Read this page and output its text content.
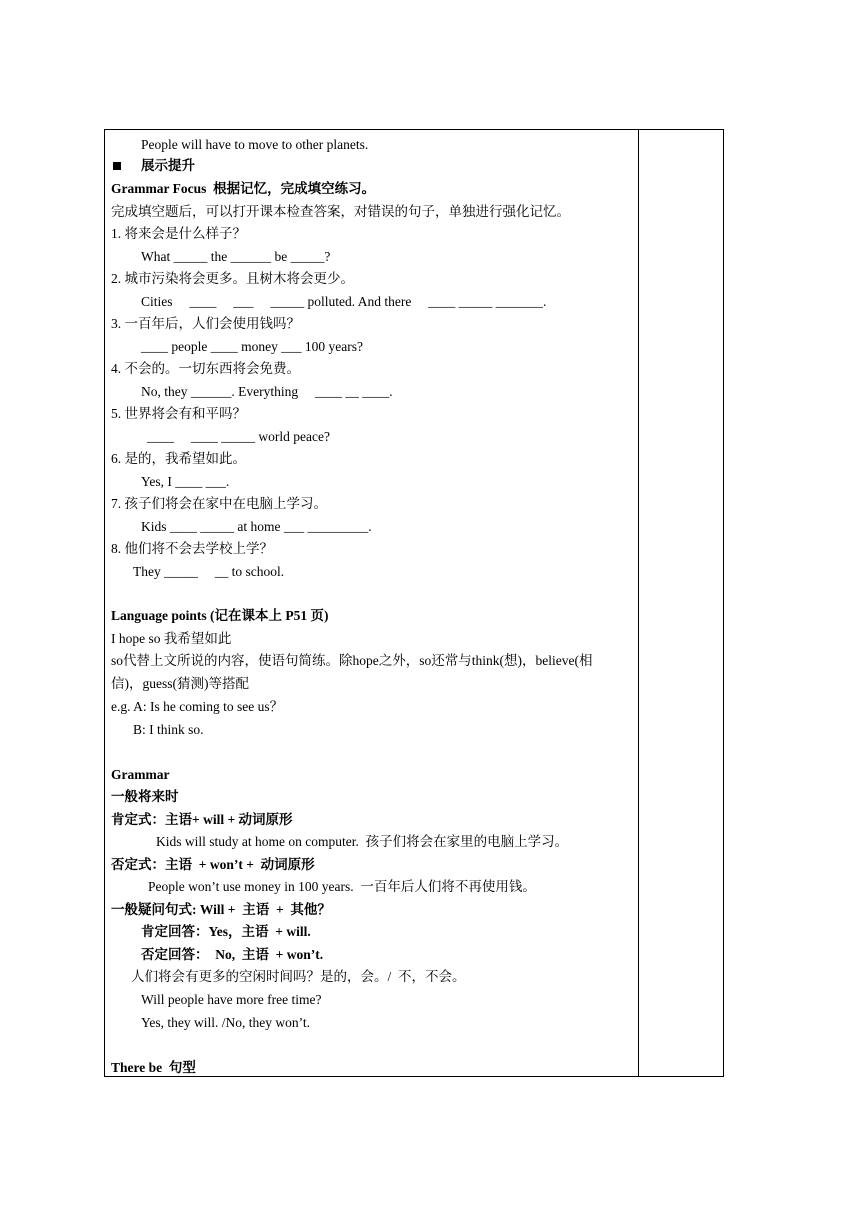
People will have to move to other planets.
展示提升
Grammar Focus 根据记忆，完成填空练习。
完成填空题后，可以打开课本检查答案，对错误的句子，单独进行强化记忆。
1. 将来会是什么样子？
What _____ the ______ be _____?
2. 城市污染将会更多。且树木将会更少。
Cities     ____     ___     _____ polluted. And there     ____ _____ _______.
3. 一百年后，人们会使用钱吗？
____ people ____ money ___ 100 years?
4. 不会的。一切东西将会免费。
No, they ______. Everything     ____ __ ____.
5. 世界将会有和平吗？
____     ____ _____ world peace?
6. 是的，我希望如此。
Yes, I ____ ___.
7. 孩子们将会在家中在电脑上学习。
Kids ____ _____ at home ___ _________.
8. 他们将不会去学校上学？
They _____     __ to school.
Language points (记在课本上 P51 页)
I hope so 我希望如此
so代替上文所说的内容，使语句简练。除hope之外，so还常与think(想)，believe(相
信)，guess(猜测)等搭配
e.g. A: Is he coming to see us？
B: I think so.
Grammar
一般将来时
肯定式：主语+ will + 动词原形
Kids will study at home on computer.  孩子们将会在家里的电脑上学习。
否定式：主语  + won’t +  动词原形
People won’t use money in 100 years.  一百年后人们将不再使用钱。
一般疑问句式: Will +  主语  +  其他？
肯定回答：Yes，主语  + will.
否定回答：  No,  主语  + won’t.
人们将会有更多的空闲时间吗？是的，会。/  不，不会。
Will people have more free time?
Yes, they will. /No, they won’t.
There be  句型
